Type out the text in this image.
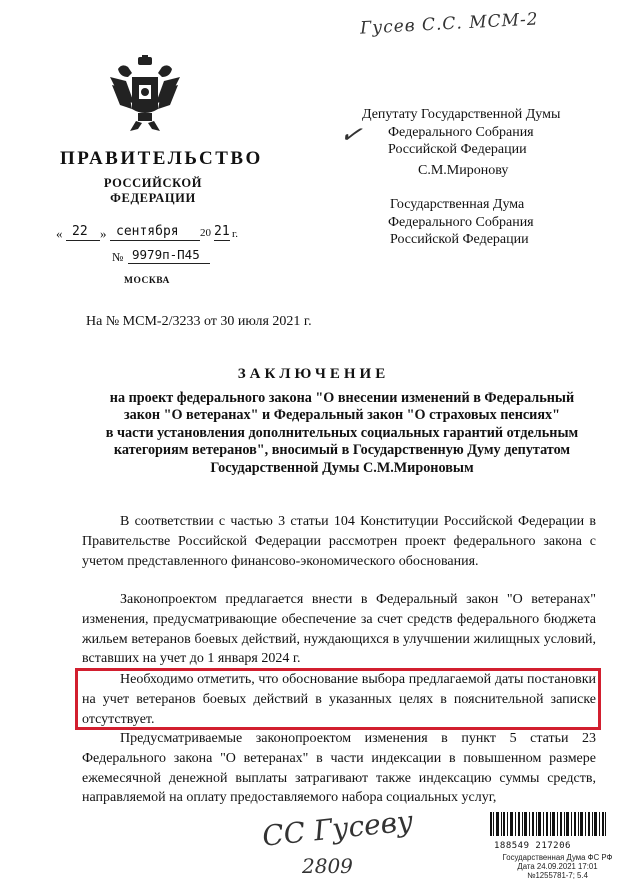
Гусев С.С. МСМ-2
ПРАВИТЕЛЬСТВО
РОССИЙСКОЙ ФЕДЕРАЦИИ
« 22 » сентября 20 21 г.
№ 9979п-П45
МОСКВА
✓
Депутату Государственной Думы
Федерального Собрания
Российской Федерации
С.М.Миронову
Государственная Дума
Федерального Собрания
Российской Федерации
На № МСМ-2/3233 от 30 июля 2021 г.
ЗАКЛЮЧЕНИЕ
на проект федерального закона "О внесении изменений в Федеральный
закон "О ветеранах" и Федеральный закон "О страховых пенсиях"
в части установления дополнительных социальных гарантий отдельным
категориям ветеранов", вносимый в Государственную Думу депутатом
Государственной Думы С.М.Мироновым

В соответствии с частью 3 статьи 104 Конституции Российской Федерации в Правительстве Российской Федерации рассмотрен проект федерального закона с учетом представленного финансово-экономического обоснования.

Законопроектом предлагается внести в Федеральный закон "О ветеранах" изменения, предусматривающие обеспечение за счет средств федерального бюджета жильем ветеранов боевых действий, нуждающихся в улучшении жилищных условий, вставших на учет до 1 января 2024 г.

Необходимо отметить, что обоснование выбора предлагаемой даты постановки на учет ветеранов боевых действий в указанных целях в пояснительной записке отсутствует.

Предусматриваемые законопроектом изменения в пункт 5 статьи 23 Федерального закона "О ветеранах" в части индексации в повышенном размере ежемесячной денежной выплаты затрагивают также индексацию суммы средств, направляемой на оплату предоставляемого набора социальных услуг,

СС Гусеву
2809
188549 217206
Государственная Дума ФС РФ
Дата 24.09.2021 17:01
№1255781-7; 5.4
